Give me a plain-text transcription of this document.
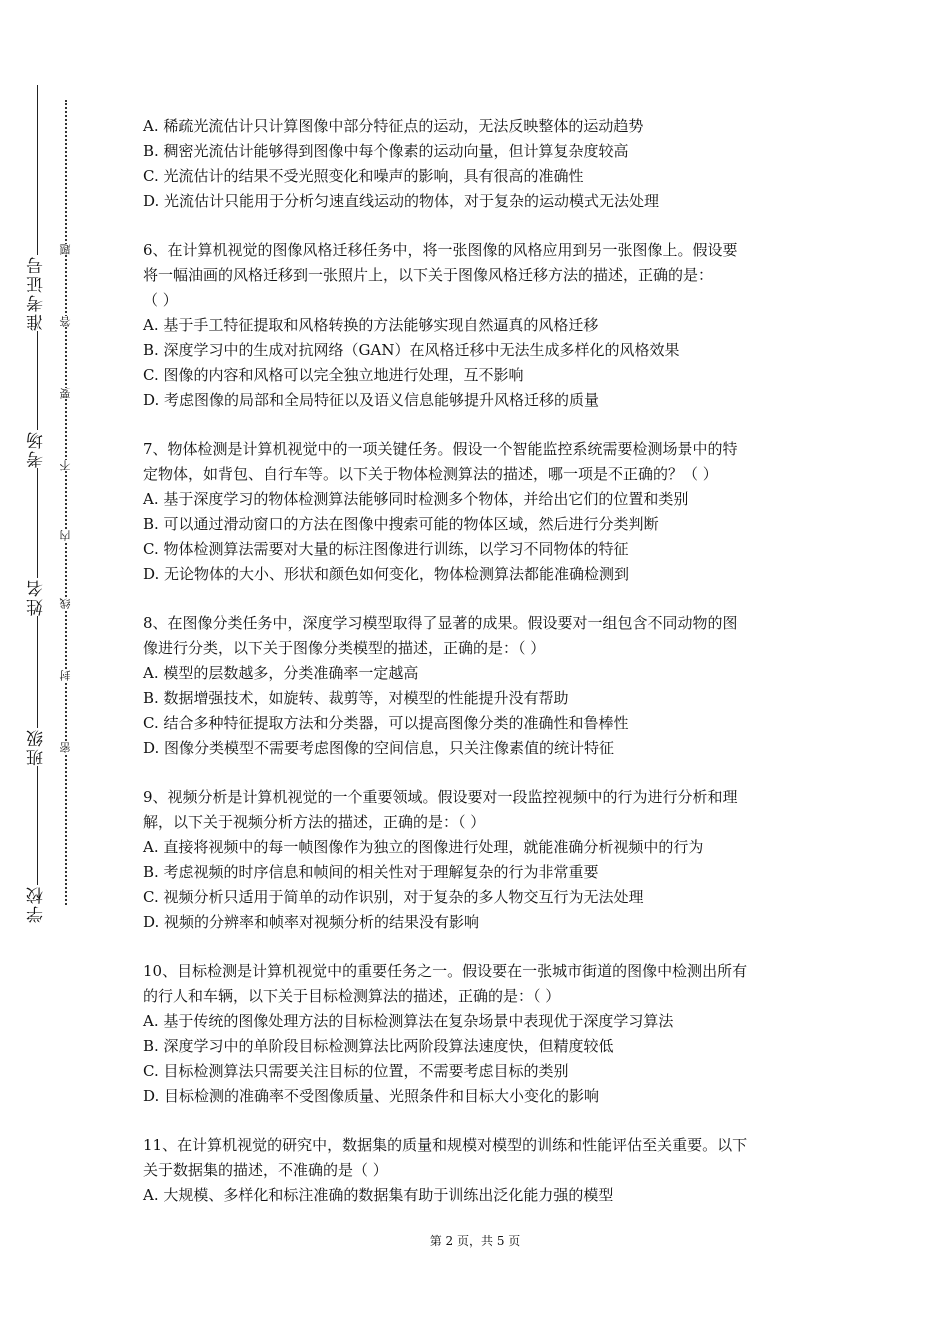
准考证号
考场
姓名
班级
学校
题
答
要
不
内
线
封
密

A. 稀疏光流估计只计算图像中部分特征点的运动，无法反映整体的运动趋势

B. 稠密光流估计能够得到图像中每个像素的运动向量，但计算复杂度较高

C. 光流估计的结果不受光照变化和噪声的影响，具有很高的准确性

D. 光流估计只能用于分析匀速直线运动的物体，对于复杂的运动模式无法处理

6、在计算机视觉的图像风格迁移任务中，将一张图像的风格应用到另一张图像上。假设要

将一幅油画的风格迁移到一张照片上，以下关于图像风格迁移方法的描述，正确的是：

（ ）

A. 基于手工特征提取和风格转换的方法能够实现自然逼真的风格迁移

B. 深度学习中的生成对抗网络（GAN）在风格迁移中无法生成多样化的风格效果

C. 图像的内容和风格可以完全独立地进行处理，互不影响

D. 考虑图像的局部和全局特征以及语义信息能够提升风格迁移的质量

7、物体检测是计算机视觉中的一项关键任务。假设一个智能监控系统需要检测场景中的特

定物体，如背包、自行车等。以下关于物体检测算法的描述，哪一项是不正确的？（ ）

A. 基于深度学习的物体检测算法能够同时检测多个物体，并给出它们的位置和类别

B. 可以通过滑动窗口的方法在图像中搜索可能的物体区域，然后进行分类判断

C. 物体检测算法需要对大量的标注图像进行训练，以学习不同物体的特征

D. 无论物体的大小、形状和颜色如何变化，物体检测算法都能准确检测到

8、在图像分类任务中，深度学习模型取得了显著的成果。假设要对一组包含不同动物的图

像进行分类，以下关于图像分类模型的描述，正确的是：（ ）

A. 模型的层数越多，分类准确率一定越高

B. 数据增强技术，如旋转、裁剪等，对模型的性能提升没有帮助

C. 结合多种特征提取方法和分类器，可以提高图像分类的准确性和鲁棒性

D. 图像分类模型不需要考虑图像的空间信息，只关注像素值的统计特征

9、视频分析是计算机视觉的一个重要领域。假设要对一段监控视频中的行为进行分析和理

解，以下关于视频分析方法的描述，正确的是：（ ）

A. 直接将视频中的每一帧图像作为独立的图像进行处理，就能准确分析视频中的行为

B. 考虑视频的时序信息和帧间的相关性对于理解复杂的行为非常重要

C. 视频分析只适用于简单的动作识别，对于复杂的多人物交互行为无法处理

D. 视频的分辨率和帧率对视频分析的结果没有影响

10、目标检测是计算机视觉中的重要任务之一。假设要在一张城市街道的图像中检测出所有

的行人和车辆，以下关于目标检测算法的描述，正确的是：（ ）

A. 基于传统的图像处理方法的目标检测算法在复杂场景中表现优于深度学习算法

B. 深度学习中的单阶段目标检测算法比两阶段算法速度快，但精度较低

C. 目标检测算法只需要关注目标的位置，不需要考虑目标的类别

D. 目标检测的准确率不受图像质量、光照条件和目标大小变化的影响

11、在计算机视觉的研究中，数据集的质量和规模对模型的训练和性能评估至关重要。以下

关于数据集的描述，不准确的是（ ）

A. 大规模、多样化和标注准确的数据集有助于训练出泛化能力强的模型

第 2 页，共 5 页
